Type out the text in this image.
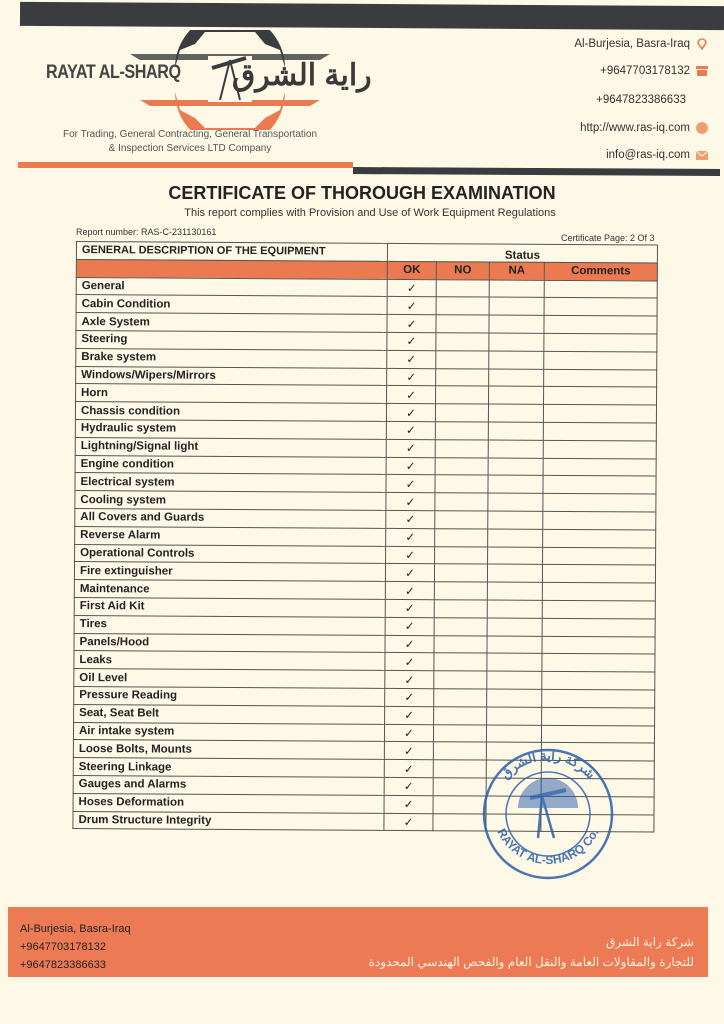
RAYAT AL-SHARQ راية الشرق
For Trading, General Contracting, General Transportation
& Inspection Services LTD Company
Al-Burjesia, Basra-Iraq
+9647703178132
+9647823386633
http://www.ras-iq.com
info@ras-iq.com
CERTIFICATE OF THOROUGH EXAMINATION
This report complies with Provision and Use of Work Equipment Regulations
Report number: RAS-C-231130161
Certificate Page: 2 Of 3
GENERAL DESCRIPTION OF THE EQUIPMENT	Status			
	OK	NO	NA	Comments
General	✓			
Cabin Condition	✓			
Axle System	✓			
Steering	✓			
Brake system	✓			
Windows/Wipers/Mirrors	✓			
Horn	✓			
Chassis condition	✓			
Hydraulic system	✓			
Lightning/Signal light	✓			
Engine condition	✓			
Electrical system	✓			
Cooling system	✓			
All Covers and Guards	✓			
Reverse Alarm	✓			
Operational Controls	✓			
Fire extinguisher	✓			
Maintenance	✓			
First Aid Kit	✓			
Tires	✓			
Panels/Hood	✓			
Leaks	✓			
Oil Level	✓			
Pressure Reading	✓			
Seat, Seat Belt	✓			
Air intake system	✓			
Loose Bolts, Mounts	✓			
Steering Linkage	✓			
Gauges and Alarms	✓			
Hoses Deformation	✓			
Drum Structure Integrity	✓			
شركة راية الشرق
RAYAT AL-SHARQ Co.
Al-Burjesia, Basra-Iraq
+9647703178132
+9647823386633
شركة راية الشرق
للتجارة والمقاولات العامة والنقل العام والفحص الهندسي المحدودة
